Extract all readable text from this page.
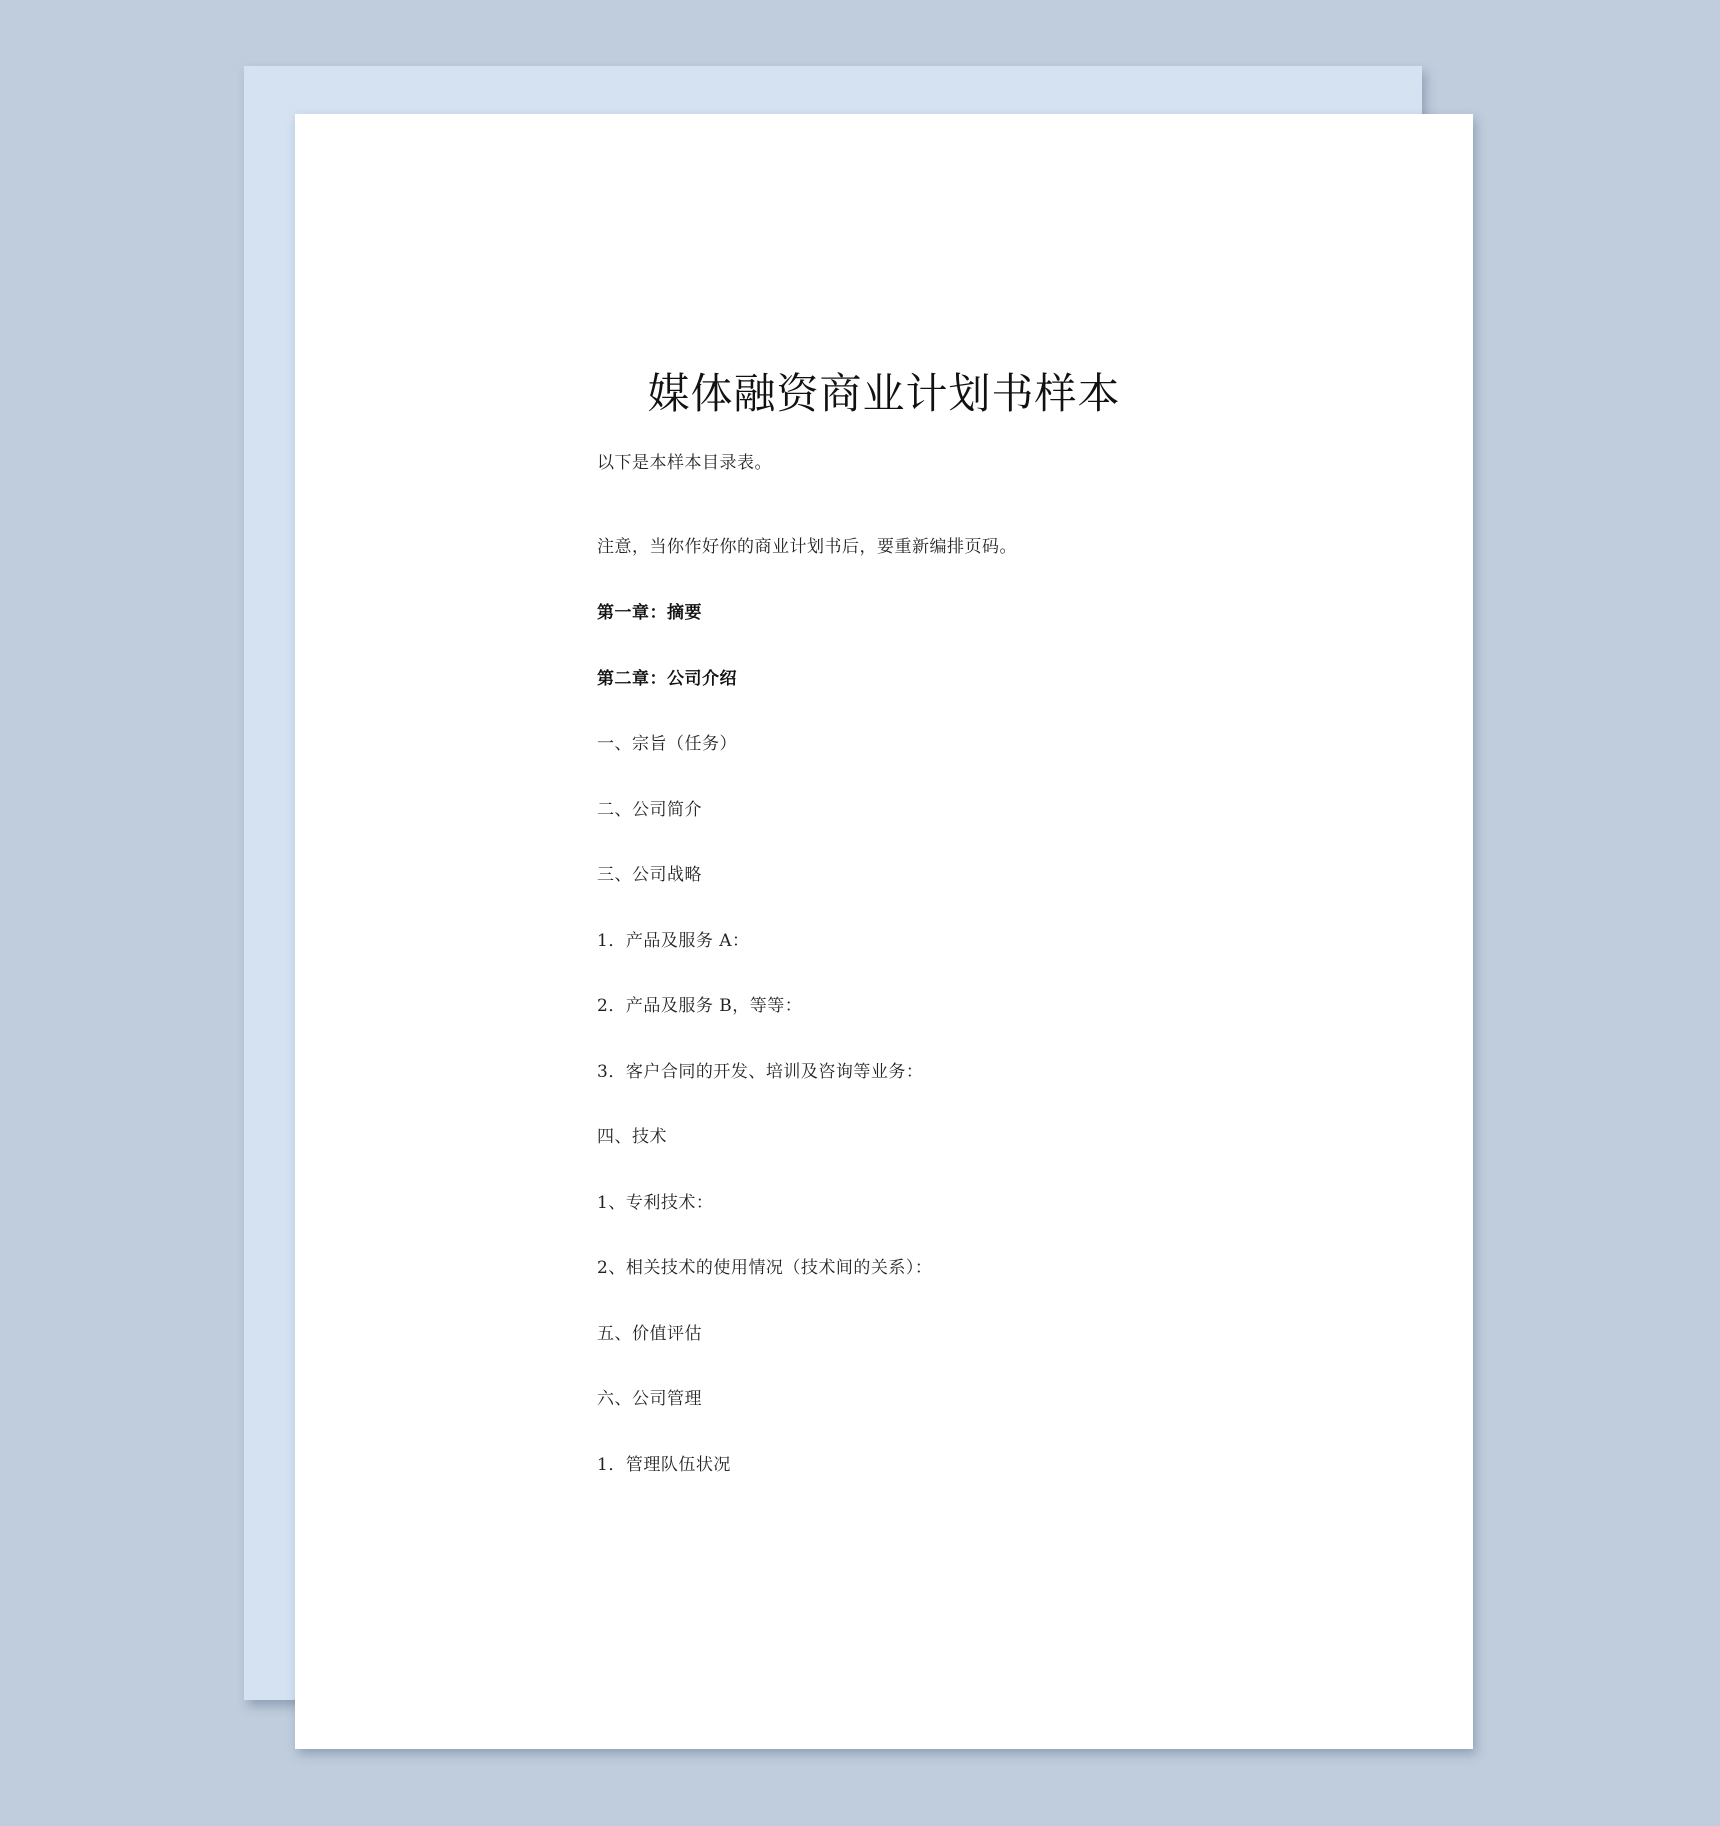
媒体融资商业计划书样本
以下是本样本目录表。
注意，当你作好你的商业计划书后，要重新编排页码。
第一章：摘要
第二章：公司介绍
一、宗旨（任务）
二、公司简介
三、公司战略
1．产品及服务 A：
2．产品及服务 B，等等：
3．客户合同的开发、培训及咨询等业务：
四、技术
1、专利技术：
2、相关技术的使用情况（技术间的关系）：
五、价值评估
六、公司管理
1．管理队伍状况
